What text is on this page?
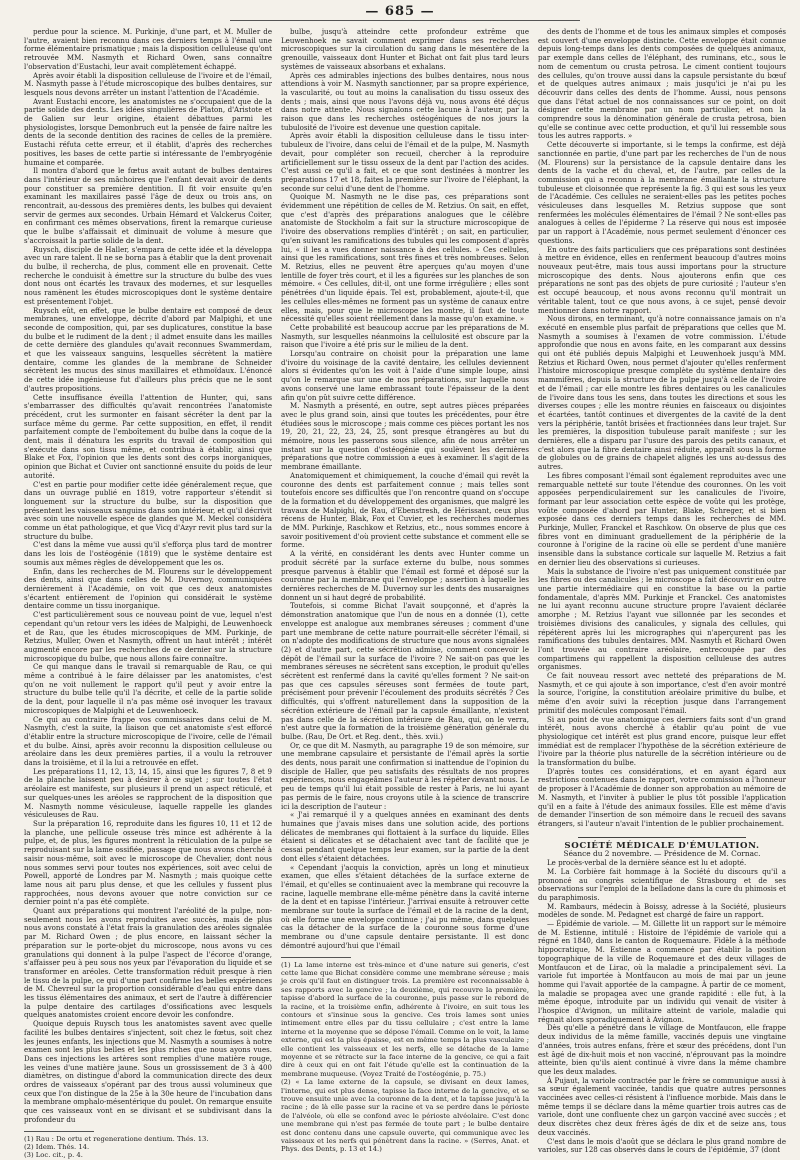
— 685 —

perdue pour la science. M. Purkinje, d'une part, et M. Muller de l'autre, avaient bien reconnu dans ces derniers temps à l'émail une forme élémentaire prismatique ; mais la disposition celluleuse qu'ont retrouvée MM. Nasmyth et Richard Owen, sans connaître l'observation d'Eustachi, leur avait complètement échappé.

Après avoir établi la disposition celluleuse de l'ivoire et de l'émail, M. Nasmyth passe à l'étude microscopique des bulbes dentaires, sur lesquels nous devons arrêter un instant l'attention de l'Académie.

Avant Eustachi encore, les anatomistes ne s'occupaient que de la partie solide des dents. Les idées singulières de Platon, d'Aristote et de Galien sur leur origine, étaient débattues parmi les physiologistes, lorsque Demonbruch eut la pensée de faire naître les dents de la seconde dentition des racines de celles de la première. Eustachi réfuta cette erreur, et il établit, d'après des recherches positives, les bases de cette partie si intéressante de l'embryogénie humaine et comparée.

Il montra d'abord que le fœtus avait autant de bulbes dentaires dans l'intérieur de ses mâchoires que l'enfant devait avoir de dents pour constituer sa première dentition. Il fit voir ensuite qu'en examinant les maxillaires passé l'âge de deux ou trois ans, on rencontrait, au-dessous des premières dents, les bulbes qui devaient servir de germes aux secondes. Urbain Hémard et Valckerus Coiter, en confirmant ces mêmes observations, firent la remarque curieuse que le bulbe s'affaissait et diminuait de volume à mesure que s'accroissait la partie solide de la dent.

Ruysch, disciple de Haller, s'empara de cette idée et la développa avec un rare talent. Il ne se borna pas à établir que la dent provenait du bulbe, il rechercha, de plus, comment elle en provenait. Cette recherche le conduisit à émettre sur la structure du bulbe des vues dont nous ont écartés les travaux des modernes, et sur lesquelles nous ramènent les études microscopiques dont le système dentaire est présentement l'objet.

Ruysch eût, en effet, que le bulbe dentaire est composé de deux membranes, une enveloppe, décrite d'abord par Malpighi, et une seconde de composition, qui, par ses duplicatures, constitue la base du bulbe et le rudiment de la dent ; il admet ensuite dans les mailles de cette dernière des glandules qu'avait reconnues Swammerdam, et que les vaisseaux sanguins, lesquelles sécrètent la matière dentaire, comme les glandes de la membrane de Schneider sécrètent les mucus des sinus maxillaires et ethmoïdaux. L'énoncé de cette idée ingénieuse fut d'ailleurs plus précis que ne le sont d'autres propositions.

Cette insuffisance éveilla l'attention de Hunter, qui, sans s'embarrasser des difficultés qu'avait rencontrées l'anatomiste précédent, crut les surmonter en faisant sécréter la dent par la surface même du germe. Par cette supposition, en effet, il rendit parfaitement compte de l'emboîtement du bulbe dans la coque de la dent, mais il dénatura les esprits du travail de composition qui s'exécute dans son tissu même, et contribua à établir, ainsi que Blake et Fox, l'opinion que les dents sont des corps inorganiques, opinion que Bichat et Cuvier ont sanctionné ensuite du poids de leur autorité.

C'est en partie pour modifier cette idée généralement reçue, que dans un ouvrage publié en 1819, votre rapporteur s'étendit si longuement sur la structure du bulbe, sur la disposition que présentent les vaisseaux sanguins dans son intérieur, et qu'il décrivit avec soin une nouvelle espèce de glandes que M. Meckel considéra comme un état pathologique, et que Vicq d'Azyr revit plus tard sur la structure du bulbe.

C'est dans la même vue aussi qu'il s'efforça plus tard de montrer dans les lois de l'ostéogénie (1819) que le système dentaire est soumis aux mêmes règles de développement que les os.

Enfin, dans les recherches de M. Flourens sur le développement des dents, ainsi que dans celles de M. Duvernoy, communiquées dernièrement à l'Académie, on voit que ces deux anatomistes s'écartent entièrement de l'opinion qui considérait le système dentaire comme un tissu inorganique.

C'est particulièrement sous ce nouveau point de vue, lequel n'est cependant qu'un retour vers les idées de Malpighi, de Leuwenhoeck et de Rau, que les études microscopiques de MM. Purkinje, de Retzius, Muller, Owen et Nasmyth, offrent un haut intérêt ; intérêt augmenté encore par les recherches de ce dernier sur la structure microscopique du bulbe, que nous allons faire connaître.

Ce qui manque dans le travail si remarquable de Rau, ce qui même a contribué à le faire délaisser par les anatomistes, c'est qu'on ne voit nullement le rapport qu'il peut y avoir entre la structure du bulbe telle qu'il l'a décrite, et celle de la partie solide de la dent, pour laquelle il n'a pas même osé invoquer les travaux microscopiques de Malpighi et de Leuwenhoeck.

Ce qui au contraire frappe vos commissaires dans celui de M. Nasmyth, c'est la suite, la liaison que cet anatomiste s'est efforcé d'établir entre la structure microscopique de l'ivoire, celle de l'émail et du bulbe. Ainsi, après avoir reconnu la disposition celluleuse ou aréolaire dans les deux premières parties, il a voulu la retrouver dans la troisième, et il la lui a retrouvée en effet.

Les préparations 11, 12, 13, 14, 15, ainsi que les figures 7, 8 et 9 de la planche laissent peu à désirer à ce sujet ; sur toutes l'état aréolaire est manifeste, sur plusieurs il prend un aspect réticulé, et sur quelques-unes les aréoles se rapprochent de la disposition que M. Nasmyth nomme vésiculeuse, laquelle rappelle les glandes vésiculeuses de Rau.

Sur la préparation 16, reproduite dans les figures 10, 11 et 12 de la planche, une pellicule osseuse très mince est adhérente à la pulpe, et, de plus, les figures montrent la réticulation de la pulpe se reproduisant sur la lame ossifiée, passage que nous avons cherché à saisir nous-même, soit avec le microscope de Chevalier, dont nous nous sommes servi pour toutes nos expériences, soit avec celui de Powell, apporté de Londres par M. Nasmyth ; mais quoique cette lame nous ait paru plus dense, et que les cellules y fussent plus rapprochées, nous devons avouer que notre conviction sur ce dernier point n'a pas été complète.

Quant aux préparations qui montrent l'aréolité de la pulpe, non-seulement nous les avons reproduites avec succès, mais de plus nous avons constaté à l'état frais la granulation des aréoles signalée par M. Richard Owen ; de plus encore, en laissant sécher la préparation sur le porte-objet du microscope, nous avons vu ces granulations qui donnent à la pulpe l'aspect de l'écorce d'orange, s'affaisser peu à peu sous nos yeux par l'évaporation du liquide et se transformer en aréoles. Cette transformation réduit presque à rien le tissu de la pulpe, ce qui d'une part confirme les belles expériences de M. Chevreul sur la proportion considérable d'eau qui entre dans les tissus élémentaires des animaux, et sert de l'autre à différencier la pulpe dentaire des cartilages d'ossifications avec lesquels quelques anatomistes croient encore devoir les confondre.

Quoique depuis Ruysch tous les anatomistes savent avec quelle facilité les bulbes dentaires s'injectent, soit chez le fœtus, soit chez les jeunes enfants, les injections que M. Nasmyth a soumises à notre examen sont les plus belles et les plus riches que nous ayons vues. Dans ces injections les artères sont remplies d'une matière rouge, les veines d'une matière jaune. Sous un grossissement de 3 à 400 diamètres, on distingue d'abord la communication directe des deux ordres de vaisseaux s'opérant par des trous aussi volumineux que ceux que l'on distingue de la 25e à la 30e heure de l'incubation dans la membrane omphalo-mésentérique du poulet. On remarque ensuite que ces vaisseaux vont en se divisant et se subdivisant dans la profondeur du

(1) Rau : De ortu et regeneratione dentium. Thés. 13.

(2) Idem. Thés. 14.

(3) Loc. cit., p. 4.

bulbe, jusqu'à atteindre cette profondeur extrême que Leuwenhoek ne savait comment exprimer dans ses recherches microscopiques sur la circulation du sang dans le mésentère de la grenouille, vaisseaux dont Hunter et Bichat ont fait plus tard leurs systèmes de vaisseaux absorbans et exhalans.

Après ces admirables injections des bulbes dentaires, nous nous attendions à voir M. Nasmyth sanctionner, par sa propre expérience, la vascularité, ou tout au moins la canalisation du tissu osseux des dents ; mais, ainsi que nous l'avons déjà vu, nous avons été déçus dans notre attente. Nous signalons cette lacune à l'auteur, par la raison que dans les recherches ostéogéniques de nos jours la tubulosité de l'ivoire est devenue une question capitale.

Après avoir établi la disposition celluleuse dans le tissu inter-tubuleux de l'ivoire, dans celui de l'émail et de la pulpe, M. Nasmyth devait, pour compléter son recueil, chercher à la reproduire artificiellement sur le tissu osseux de la dent par l'action des acides. C'est aussi ce qu'il a fait, et ce que sont destinées à montrer les préparations 17 et 18, faites la première sur l'ivoire de l'éléphant, la seconde sur celui d'une dent de l'homme.

Quoique M. Nasmyth ne le dise pas, ces préparations sont évidemment une répétition de celles de M. Retzius. On sait, en effet, que c'est d'après des préparations analogues que le célèbre anatomiste de Stockholm a fait sur la structure microscopique de l'ivoire des observations remplies d'intérêt ; on sait, en particulier, qu'en suivant les ramifications des tubules qui les composent d'après lui, « il les a vues donner naissance à des cellules. » Ces cellules, ainsi que les ramifications, sont très fines et très nombreuses. Selon M. Retzius, elles ne peuvent être aperçues qu'au moyen d'une lentille de foyer très court, et il les a figurées sur les planches de son mémoire. « Ces cellules, dit-il, ont une forme irrégulière ; elles sont pénétrées d'un liquide épais. Tel est, probablement, ajoute-t-il, que les cellules elles-mêmes ne forment pas un système de canaux entre elles, mais, pour que le microscope les montre, il faut de toute nécessité qu'elles soient réellement dans la masse qu'on examine. »

Cette probabilité est beaucoup accrue par les préparations de M. Nasmyth, sur lesquelles néanmoins la cellulosité est obscure par la raison que l'ivoire a été pris sur le milieu de la dent.

Lorsqu'au contraire on choisit pour la préparation une lame d'ivoire du voisinage de la cavité dentaire, les cellules deviennent alors si évidentes qu'on les voit à l'aide d'une simple loupe, ainsi qu'on le remarque sur une de nos préparations, sur laquelle nous avons conservé une lame embrassant toute l'épaisseur de la dent afin qu'on pût suivre cette différence.

M. Nasmyth a présenté, en outre, sept autres pièces préparées avec le plus grand soin, ainsi que toutes les précédentes, pour être étudiées sous le microscope ; mais comme ces pièces portant les nos 19, 20, 21, 22, 23, 24, 25, sont presque étrangères au but du mémoire, nous les passerons sous silence, afin de nous arrêter un instant sur la question d'ostéogénie qui soulèvent les dernières préparations que notre commission a eues à examiner. Il s'agit de la membrane émaillante.

Anatomiquement et chimiquement, la couche d'émail qui revêt la couronne des dents est parfaitement connue ; mais telles sont toutefois encore ses difficultés que l'on rencontre quand on s'occupe de la formation et du développement des organismes, que malgré les travaux de Malpighi, de Rau, d'Ebenstresh, de Hérissant, ceux plus récens de Hunter, Blak, Fox et Cuvier, et les recherches modernes de MM. Purkinje, Raschkow et Retzius, etc., nous sommes encore à savoir positivement d'où provient cette substance et comment elle se forme.

A la vérité, en considérant les dents avec Hunter comme un produit sécrété par la surface externe du bulbe, nous sommes presque parvenus à établir que l'émail est formé et déposé sur la couronne par la membrane qui l'enveloppe ; assertion à laquelle les dernières recherches de M. Duvernoy sur les dents des musaraignes donnent un si haut degré de probabilité.

Toutefois, si comme Bichat l'avait soupçonné, et d'après la démonstration anatomique que l'un de nous en a donnée (1), cette enveloppe est analogue aux membranes séreuses ; comment d'une part une membrane de cette nature pourrait-elle sécréter l'émail, si on n'adopte des modifications de structure que nous avons signalées (2) et d'autre part, cette sécrétion admise, comment concevoir le dépôt de l'émail sur la surface de l'ivoire ? Ne sait-on pas que les membranes séreuses ne sécrètent sans exception, le produit qu'elles sécrètent est renfermé dans la cavité qu'elles forment ? Ne sait-on pas que ces capsules séreuses sont fermées de toute part, précisément pour prévenir l'écoulement des produits sécrétés ? Ces difficultés, qui s'offrent naturellement dans la supposition de la sécrétion extérieure de l'émail par la capsule émaillante, n'existent pas dans celle de la sécrétion intérieure de Rau, qui, on le verra, n'est autre que la formation de la troisième génération générale du bulbe. (Rau, De Ort. et Reg. dent., thès. xvii.)

Or, ce que dit M. Nasmyth, au paragraphe 19 de son mémoire, sur une membrane capsulaire et persistante de l'émail après la sortie des dents, nous parait une confirmation si inattendue de l'opinion du disciple de Haller, que peu satisfaits des résultats de nos propres expériences, nous engageâmes l'auteur à les répéter devant nous. Le peu de temps qu'il lui était possible de rester à Paris, ne lui ayant pas permis de le faire, nous croyons utile à la science de transcrire ici la description de l'auteur :

« J'ai remarqué il y a quelques années en examinant des dents humaines que j'avais mises dans une solution acide, des portions délicates de membranes qui flottaient à la surface du liquide. Elles étaient si délicates et se détachaient avec tant de facilité que je cessai pendant quelque temps leur examen, sur la partie de la dent dont elles s'étaient détachées.

« Cependant j'acquis la conviction, après un long et minutieux examen, que elles s'étaient détachées de la surface externe de l'émail, et qu'elles se continuaient avec la membrane qui recouvre la racine, laquelle membrane elle-même pénètre dans la cavité interne de la dent et en tapisse l'intérieur. J'arrivai ensuite à retrouver cette membrane sur toute la surface de l'émail et de la racine de la dent, où elle forme une enveloppe continue ; j'ai pu même, dans quelques cas la détacher de la surface de la couronne sous forme d'une membrane ou d'une capsule dentaire persistante. Il est donc démontré aujourd'hui que l'émail

(1) La lame interne est très-mince et d'une nature sui generis, c'est cette lame que Bichat considère comme une membrane séreuse ; mais je crois qu'il faut en distinguer trois. La première est reconnaissable à ses rapports avec la gencive ; la deuxième, qui recouvre la première, tapisse d'abord la surface de la couronne, puis passe sur le rebord de la racine, et la troisième enfin, adhérente à l'ivoire, en suit tous les contours et s'insinue sous la gencive. Ces trois lames sont unies intimement entre elles par du tissu cellulaire ; c'est entre la lame interne et la moyenne que se dépose l'émail. Comme on le voit, la lame externe, qui est la plus épaisse, est en même temps la plus vasculaire ; elle contient les vaisseaux et les nerfs, elle se détache de la lame moyenne et se rétracte sur la face interne de la gencive, ce qui a fait dire à ceux qui en ont fait l'étude qu'elle est la continuation de la membrane muqueuse. (Voyez Traité de l'ostéogénie, p. 75.)

(2) « La lame externe de la capsule, se divisant en deux lames, l'interne, qui est plus dense, tapisse la face interne de la gencive, et se trouve ensuite unie avec la couronne de la dent, et la tapisse jusqu'à la racine ; de là elle passe sur la racine et va se perdre dans le périoste de l'alvéole, où elle se confond avec le périoste alvéolaire. C'est donc une membrane qui n'est pas fermée de toute part ; le bulbe dentaire est donc contenu dans une capsule ouverte, qui communique avec les vaisseaux et les nerfs qui pénètrent dans la racine. » (Serres, Anat. et Phys. des Dents, p. 13 et 14.)

des dents de l'homme et de tous les animaux simples et composés est couvert d'une enveloppe distincte. Cette enveloppe était connue depuis long-temps dans les dents composées de quelques animaux, par exemple dans celles de l'éléphant, des ruminans, etc., sous le nom de cementum ou crusta petrosa. Le ciment contient toujours des cellules, qu'on trouve aussi dans la capsule persistante du bœuf et de quelques autres animaux ; mais jusqu'ici je n'ai pu les découvrir dans celles des dents de l'homme. Aussi, nous pensons que dans l'état actuel de nos connaissances sur ce point, on doit désigner cette membrane par un nom particulier, et non la comprendre sous la dénomination générale de crusta petrosa, bien qu'elle se continue avec cette production, et qu'il lui ressemble sous tous les autres rapports. »

Cette découverte si importante, si le temps la confirme, est déjà sanctionnée en partie, d'une part par les recherches de l'un de nous (M. Flourens) sur la persistance de la capsule dentaire dans les dents de la vache et du cheval, et, de l'autre, par celles de la commission qui a reconnu à la membrane émaillante la structure tubuleuse et cloisonnée que représente la fig. 3 qui est sous les yeux de l'Académie. Ces cellules ne seraient-elles pas les petites poches vésiculeuses dans lesquelles M. Retzius suppose que sont renfermées les molécules élémentaires de l'émail ? Ne sont-elles pas analogues à celles de l'épiderme ? La réserve qui nous est imposée par un rapport à l'Académie, nous permet seulement d'énoncer ces questions.

En outre des faits particuliers que ces préparations sont destinées à mettre en évidence, elles en renferment beaucoup d'autres moins nouveaux peut-être, mais tous aussi importans pour la structure microscopique des dents. Nous ajouterons enfin que ces préparations ne sont pas des objets de pure curiosité ; l'auteur s'en est occupé beaucoup, et nous avons reconnu qu'il montrait un véritable talent, tout ce que nous avons, à ce sujet, pensé devoir mentionner dans notre rapport.

Nous dirons, en terminant, qu'à notre connaissance jamais on n'a exécuté en ensemble plus parfait de préparations que celles que M. Nasmyth a soumises à l'examen de votre commission. L'étude approfondie que nous en avons faite, en les comparant aux dessins qui ont été publiés depuis Malpighi et Leuwenhoek jusqu'à MM. Retzius et Richard Owen, nous permet d'ajouter qu'elles renferment l'histoire microscopique presque complète du système dentaire des mammifères, depuis la structure de la pulpe jusqu'à celle de l'ivoire et de l'émail ; car elle montre les fibres dentaires ou les canalicules de l'ivoire dans tous les sens, dans toutes les directions et sous les diverses coupes ; elle les montre réunies en faisceaux ou disjointes et écartées, tantôt continues et divergentes de la cavité de la dent vers la périphérie, tantôt brisées et fractionnées dans leur trajet. Sur les premières, la disposition tubuleuse paraît manifeste ; sur les dernières, elle a disparu par l'usure des parois des petits canaux, et c'est alors que la fibre dentaire ainsi réduite, apparaît sous la forme de globules ou de grains de chapelet alignés les uns au-dessus des autres.

Les fibres composant l'émail sont également reproduites avec une remarquable netteté sur toute l'étendue des couronnes. On les voit apposées perpendiculairement sur les canalicules de l'ivoire, formant par leur association cette espèce de voûte qui les protège, voûte composée d'abord par Hunter, Blake, Schreger, et si bien exposée dans ces derniers temps dans les recherches de MM. Purkinje, Muller, Franckel et Raschkow. On observe de plus que ces fibres vont en diminuant graduellement de la périphérie de la couronne à l'origine de la racine où elle se perdent d'une manière insensible dans la substance corticale sur laquelle M. Retzius a fait en dernier lieu des observations si curieuses.

Mais la substance de l'ivoire n'est pas uniquement constituée par les fibres ou des canalicules ; le microscope a fait découvrir en outre une partie intermédiaire qui en constitue la base ou la partie fondamentale, d'après MM. Purkinje et Franckel. Ces anatomistes ne lui ayant reconnu aucune structure propre l'avaient déclarée amorphe ; M. Retzius l'ayant vue sillonnée par les secondes et troisièmes divisions des canalicules, y signala des cellules, qui répétèrent après lui les micrographes qui n'aperçurent pas les ramifications des tubules dentaires. MM. Nasmyth et Richard Owen l'ont trouvée au contraire aréolaire, entrecoupée par des compartimens qui rappellent la disposition celluleuse des autres organismes.

Ce fait nouveau ressort avec netteté des préparations de M. Nasmyth, et ce qui ajoute à son importance, c'est d'en avoir montré la source, l'origine, la constitution aréolaire primitive du bulbe, et même d'en avoir suivi la réception jusque dans l'arrangement primitif des molécules composant l'émail.

Si au point de vue anatomique ces derniers faits sont d'un grand intérêt, nous avons cherché à établir qu'au point de vue physiologique cet intérêt est plus grand encore, puisque leur effet immédiat est de remplacer l'hypothèse de la sécrétion extérieure de l'ivoire par la théorie plus naturelle de la sécrétion intérieure ou de la transformation du bulbe.

D'après toutes ces considérations, et en ayant égard aux restrictions contenues dans le rapport, votre commission a l'honneur de proposer à l'Académie de donner son approbation au mémoire de M. Nasmyth, et l'inviter à publier le plus tôt possible l'application qu'il en a faite à l'étude des animaux fossiles. Elle est même d'avis de demander l'insertion de son mémoire dans le recueil des savans étrangers, si l'auteur n'avait l'intention de le publier prochainement.

SOCIÉTÉ MÉDICALE D'ÉMULATION.

Séance du 2 novembre. — Présidence de M. Cornac.

Le procès-verbal de la dernière séance est lu et adopté.

M. La Corbière fait hommage à la Société du discours qu'il a prononcé au congrès scientifique de Strasbourg et de ses observations sur l'emploi de la belladone dans la cure du phimosis et du paraphimosis.

M. Rambaurs, médecin à Boissy, adresse à la Société, plusieurs modèles de sonde. M. Pedagnet est chargé de faire un rapport.

— Épidémie de variole. — M. Gillette lit un rapport sur le mémoire de M. Estienne, intitulé : Histoire de l'épidémie de variole qui a régné en 1840, dans le canton de Roquemaure. Fidèle à la méthode hippocratique, M. Estienne a commencé par établir la position topographique de la ville de Roquemaure et des deux villages de Montfaucon et de Lirac, où la maladie a principalement sévi. La variole fut importée à Montfaucon au mois de mai par un jeune homme qui l'avait apportée de la campagne. À partir de ce moment, la maladie se propagea avec une grande rapidité : elle fut, à la même époque, introduite par un individu qui venait de visiter à l'hospice d'Avignon, un militaire atteint de variole, maladie qui régnait alors sporadiquement à Avignon.

Dès qu'elle a pénétré dans le village de Montfaucon, elle frappe deux individus de la même famille, vaccinés depuis une vingtaine d'années, trois autres enfans, frère et sœur des précédens, dont l'un est âgé de dix-huit mois et non vacciné, n'éprouvant pas la moindre atteinte, bien qu'ils aient continué à vivre dans la même chambre que les deux malades.

À Pujaut, la variole contractée par le frère se communique aussi à sa sœur également vaccinée, tandis que quatre autres personnes vaccinées avec celles-ci résistent à l'influence morbide. Mais dans le même temps il se déclare dans la même quartier trois autres cas de variole, dont une confluente chez un garçon vacciné avec succès ; et deux discrètes chez deux frères âgés de dix et de seize ans, tous deux vaccinés.

C'est dans le mois d'août que se déclara le plus grand nombre de varioles, sur 128 cas observés dans le cours de l'épidémie, 37 (dont
